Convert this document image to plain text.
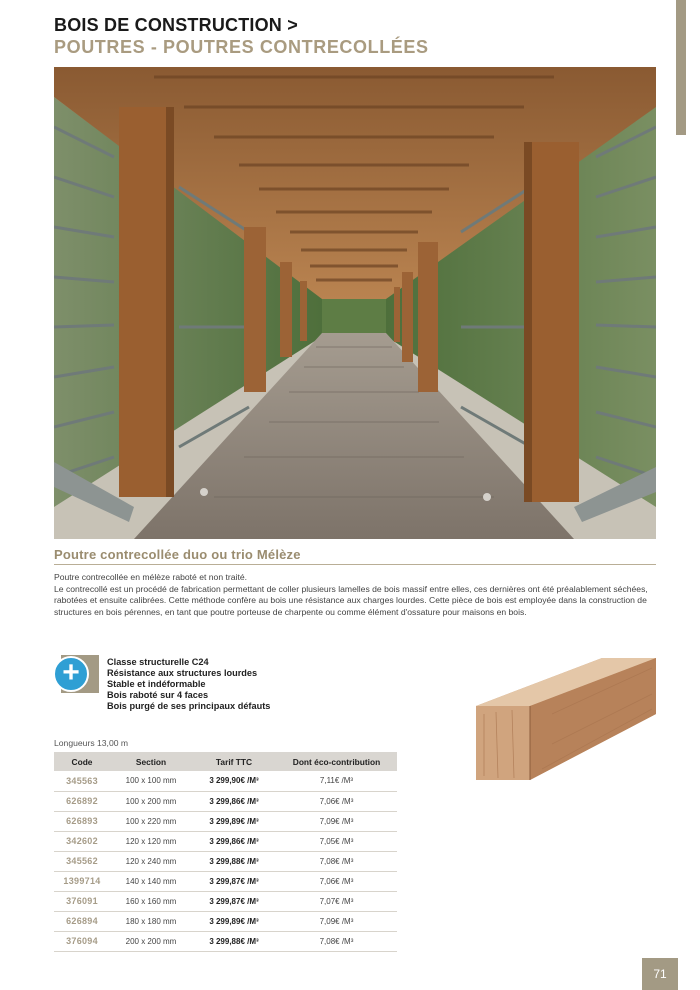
BOIS DE CONSTRUCTION >
POUTRES - POUTRES CONTRECOLLÉES
Poutre contrecollée duo ou trio Mélèze

Poutre contrecollée en mélèze raboté et non traité.

Le contrecollé est un procédé de fabrication permettant de coller plusieurs lamelles de bois massif entre elles, ces dernières ont été préalablement séchées, rabotées et ensuite calibrées. Cette méthode confère au bois une résistance aux charges lourdes. Cette pièce de bois est employée dans la construction de structures en bois pérennes, en tant que poutre porteuse de charpente ou comme élément d'ossature pour maisons en bois.

+	Classe structurelle C24
Résistance aux structures lourdes
Stable et indéformable
Bois raboté sur 4 faces
Bois purgé de ses principaux défauts
Longueurs 13,00 m
Code	Section	Tarif TTC	Dont éco-contribution
345563	100 x 100 mm	3 299,90€ /M³	7,11€ /M³
626892	100 x 200 mm	3 299,86€ /M³	7,06€ /M³
626893	100 x 220 mm	3 299,89€ /M³	7,09€ /M³
342602	120 x 120 mm	3 299,86€ /M³	7,05€ /M³
345562	120 x 240 mm	3 299,88€ /M³	7,08€ /M³
1399714	140 x 140 mm	3 299,87€ /M³	7,06€ /M³
376091	160 x 160 mm	3 299,87€ /M³	7,07€ /M³
626894	180 x 180 mm	3 299,89€ /M³	7,09€ /M³
376094	200 x 200 mm	3 299,88€ /M³	7,08€ /M³
71
